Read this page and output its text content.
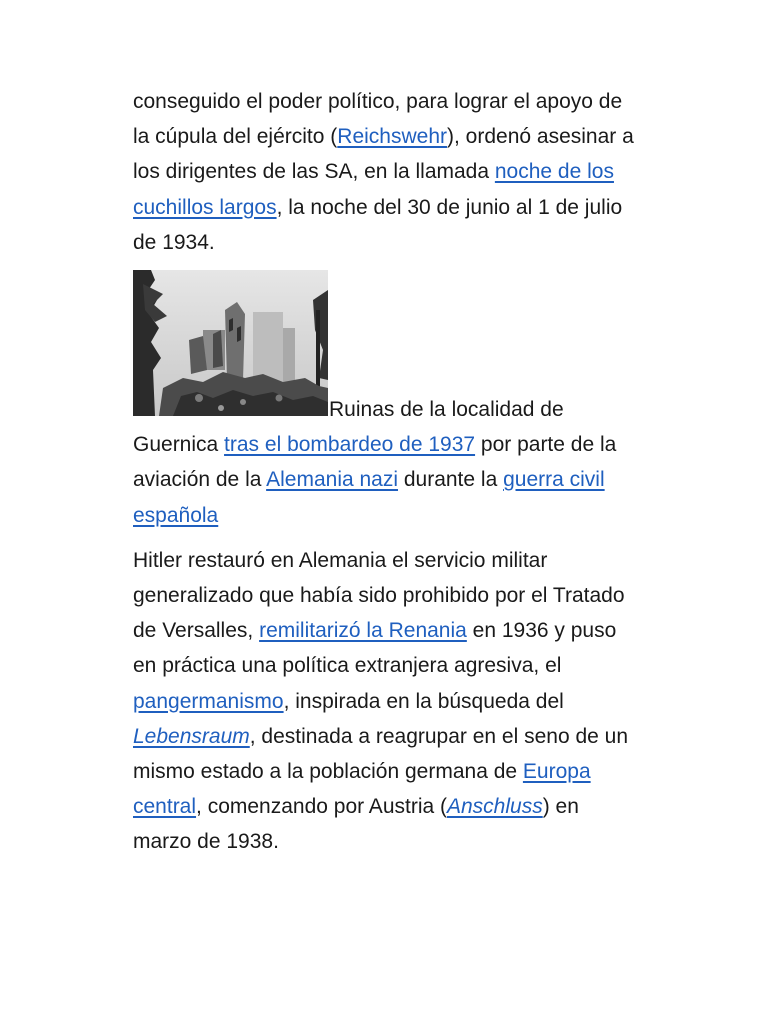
conseguido el poder político, para lograr el apoyo de la cúpula del ejército (Reichswehr), ordenó asesinar a los dirigentes de las SA, en la llamada noche de los cuchillos largos, la noche del 30 de junio al 1 de julio de 1934.

Ruinas de la localidad de Guernica tras el bombardeo de 1937 por parte de la aviación de la Alemania nazi durante la guerra civil española

Hitler restauró en Alemania el servicio militar generalizado que había sido prohibido por el Tratado de Versalles, remilitarizó la Renania en 1936 y puso en práctica una política extranjera agresiva, el pangermanismo, inspirada en la búsqueda del Lebensraum, destinada a reagrupar en el seno de un mismo estado a la población germana de Europa central, comenzando por Austria (Anschluss) en marzo de 1938.
